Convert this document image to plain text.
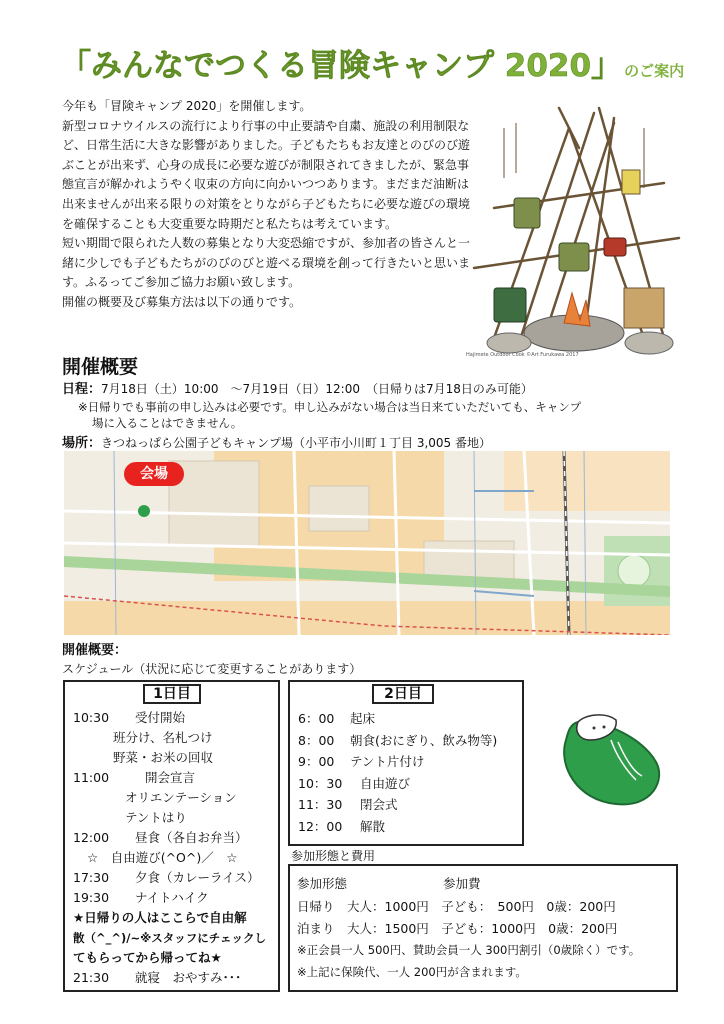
「みんなでつくる冒険キャンプ 2020」 のご案内

今年も「冒険キャンプ 2020」を開催します。

新型コロナウイルスの流行により行事の中止要請や自粛、施設の利用制限など、日常生活に大きな影響がありました。子どもたちもお友達とのびのび遊ぶことが出来ず、心身の成長に必要な遊びが制限されてきましたが、緊急事態宣言が解かれようやく収束の方向に向かいつつあります。まだまだ油断は出来ませんが出来る限りの対策をとりながら子どもたちに必要な遊びの環境を確保することも大変重要な時期だと私たちは考えています。

短い期間で限られた人数の募集となり大変恐縮ですが、参加者の皆さんと一緒に少しでも子どもたちがのびのびと遊べる環境を創って行きたいと思います。ふるってご参加ご協力お願い致します。

開催の概要及び募集方法は以下の通りです。

Hajimete Outdoor Cook ©Art Furukawa 2017
開催概要
日程：7月18日（土）10:00　～7月19日（日）12:00　（日帰りは7月18日のみ可能）
※日帰りでも事前の申し込みは必要です。申し込みがない場合は当日来ていただいても、キャンプ
場に入ることはできません。
場所：きつねっぱら公園子どもキャンプ場（小平市小川町１丁目 3,005 番地）
会場
開催概要：
スケジュール（状況に応じて変更することがあります）
1日目
10:30 受付開始
班分け、名札つけ
野菜・お米の回収
11:00	開会宣言
オリエンテーション
テントはり
12:00 昼食（各自お弁当）
☆　自由遊び(^O^)／　☆
17:30 夕食（カレーライス）
19:30 ナイトハイク
★日帰りの人はここらで自由解
散（^_^)/~※スタッフにチェックし
てもらってから帰ってね★
21:30 就寝　おやすみ･･･
2日目
6：00 起床
8：00 朝食(おにぎり、飲み物等)
9：00 テント片付け
10：30 自由遊び
11：30 閉会式
12：00 解散
参加形態と費用
参加形態	参加費
日帰り　大人：1000円　子ども：　500円　0歳：200円
泊まり　大人：1500円　子ども：1000円　0歳：200円
※正会員一人 500円、賛助会員一人 300円割引（0歳除く）です。
※上記に保険代、一人 200円が含まれます。
